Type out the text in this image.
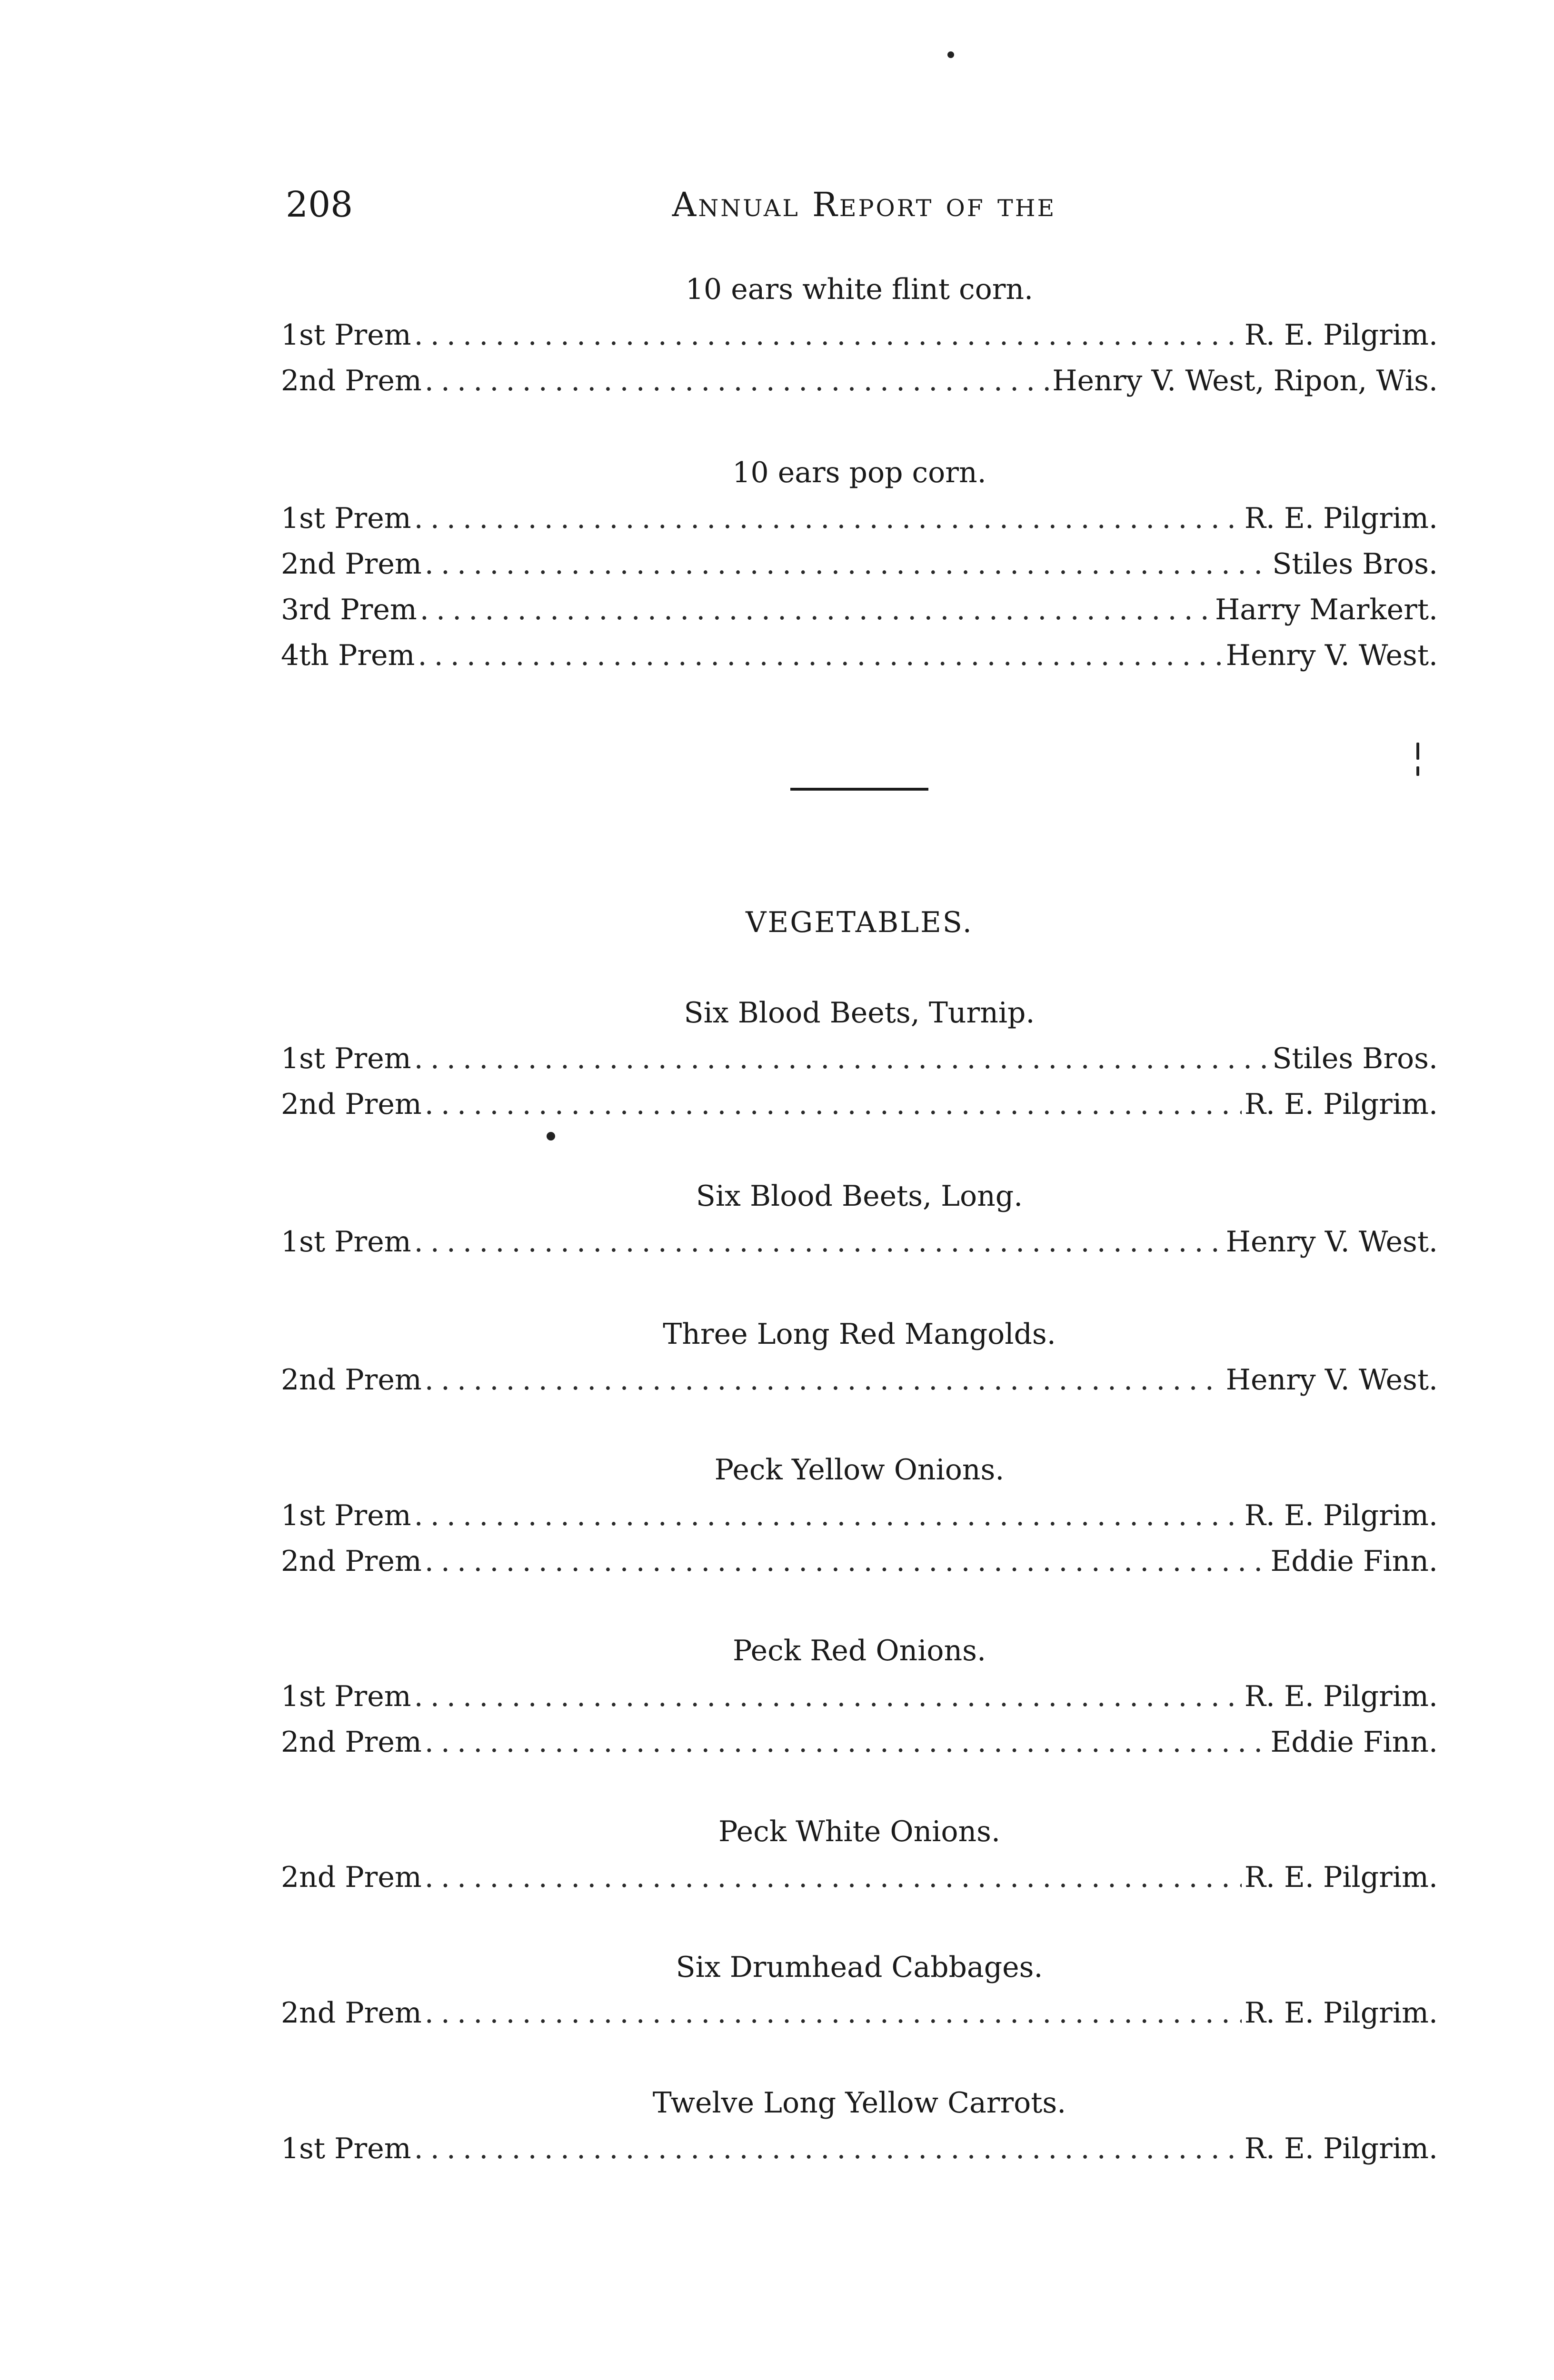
208	Annual Report of the
10 ears white flint corn.
1st Prem . . .	R. E. Pilgrim.
2nd Prem . . .	Henry V. West, Ripon, Wis.
10 ears pop corn.
1st Prem . . .	R. E. Pilgrim.
2nd Prem . . .	Stiles Bros.
3rd Prem . . .	Harry Markert.
4th Prem . . .	Henry V. West.
VEGETABLES.
Six Blood Beets, Turnip.
1st Prem . . .	Stiles Bros.
2nd Prem . . .	R. E. Pilgrim.
Six Blood Beets, Long.
1st Prem . . .	Henry V. West.
Three Long Red Mangolds.
2nd Prem . . .	Henry V. West.
Peck Yellow Onions.
1st Prem . . .	R. E. Pilgrim.
2nd Prem . . .	Eddie Finn.
Peck Red Onions.
1st Prem . . .	R. E. Pilgrim.
2nd Prem . . .	Eddie Finn.
Peck White Onions.
2nd Prem . . .	R. E. Pilgrim.
Six Drumhead Cabbages.
2nd Prem . . .	R. E. Pilgrim.
Twelve Long Yellow Carrots.
1st Prem . . .	R. E. Pilgrim.
